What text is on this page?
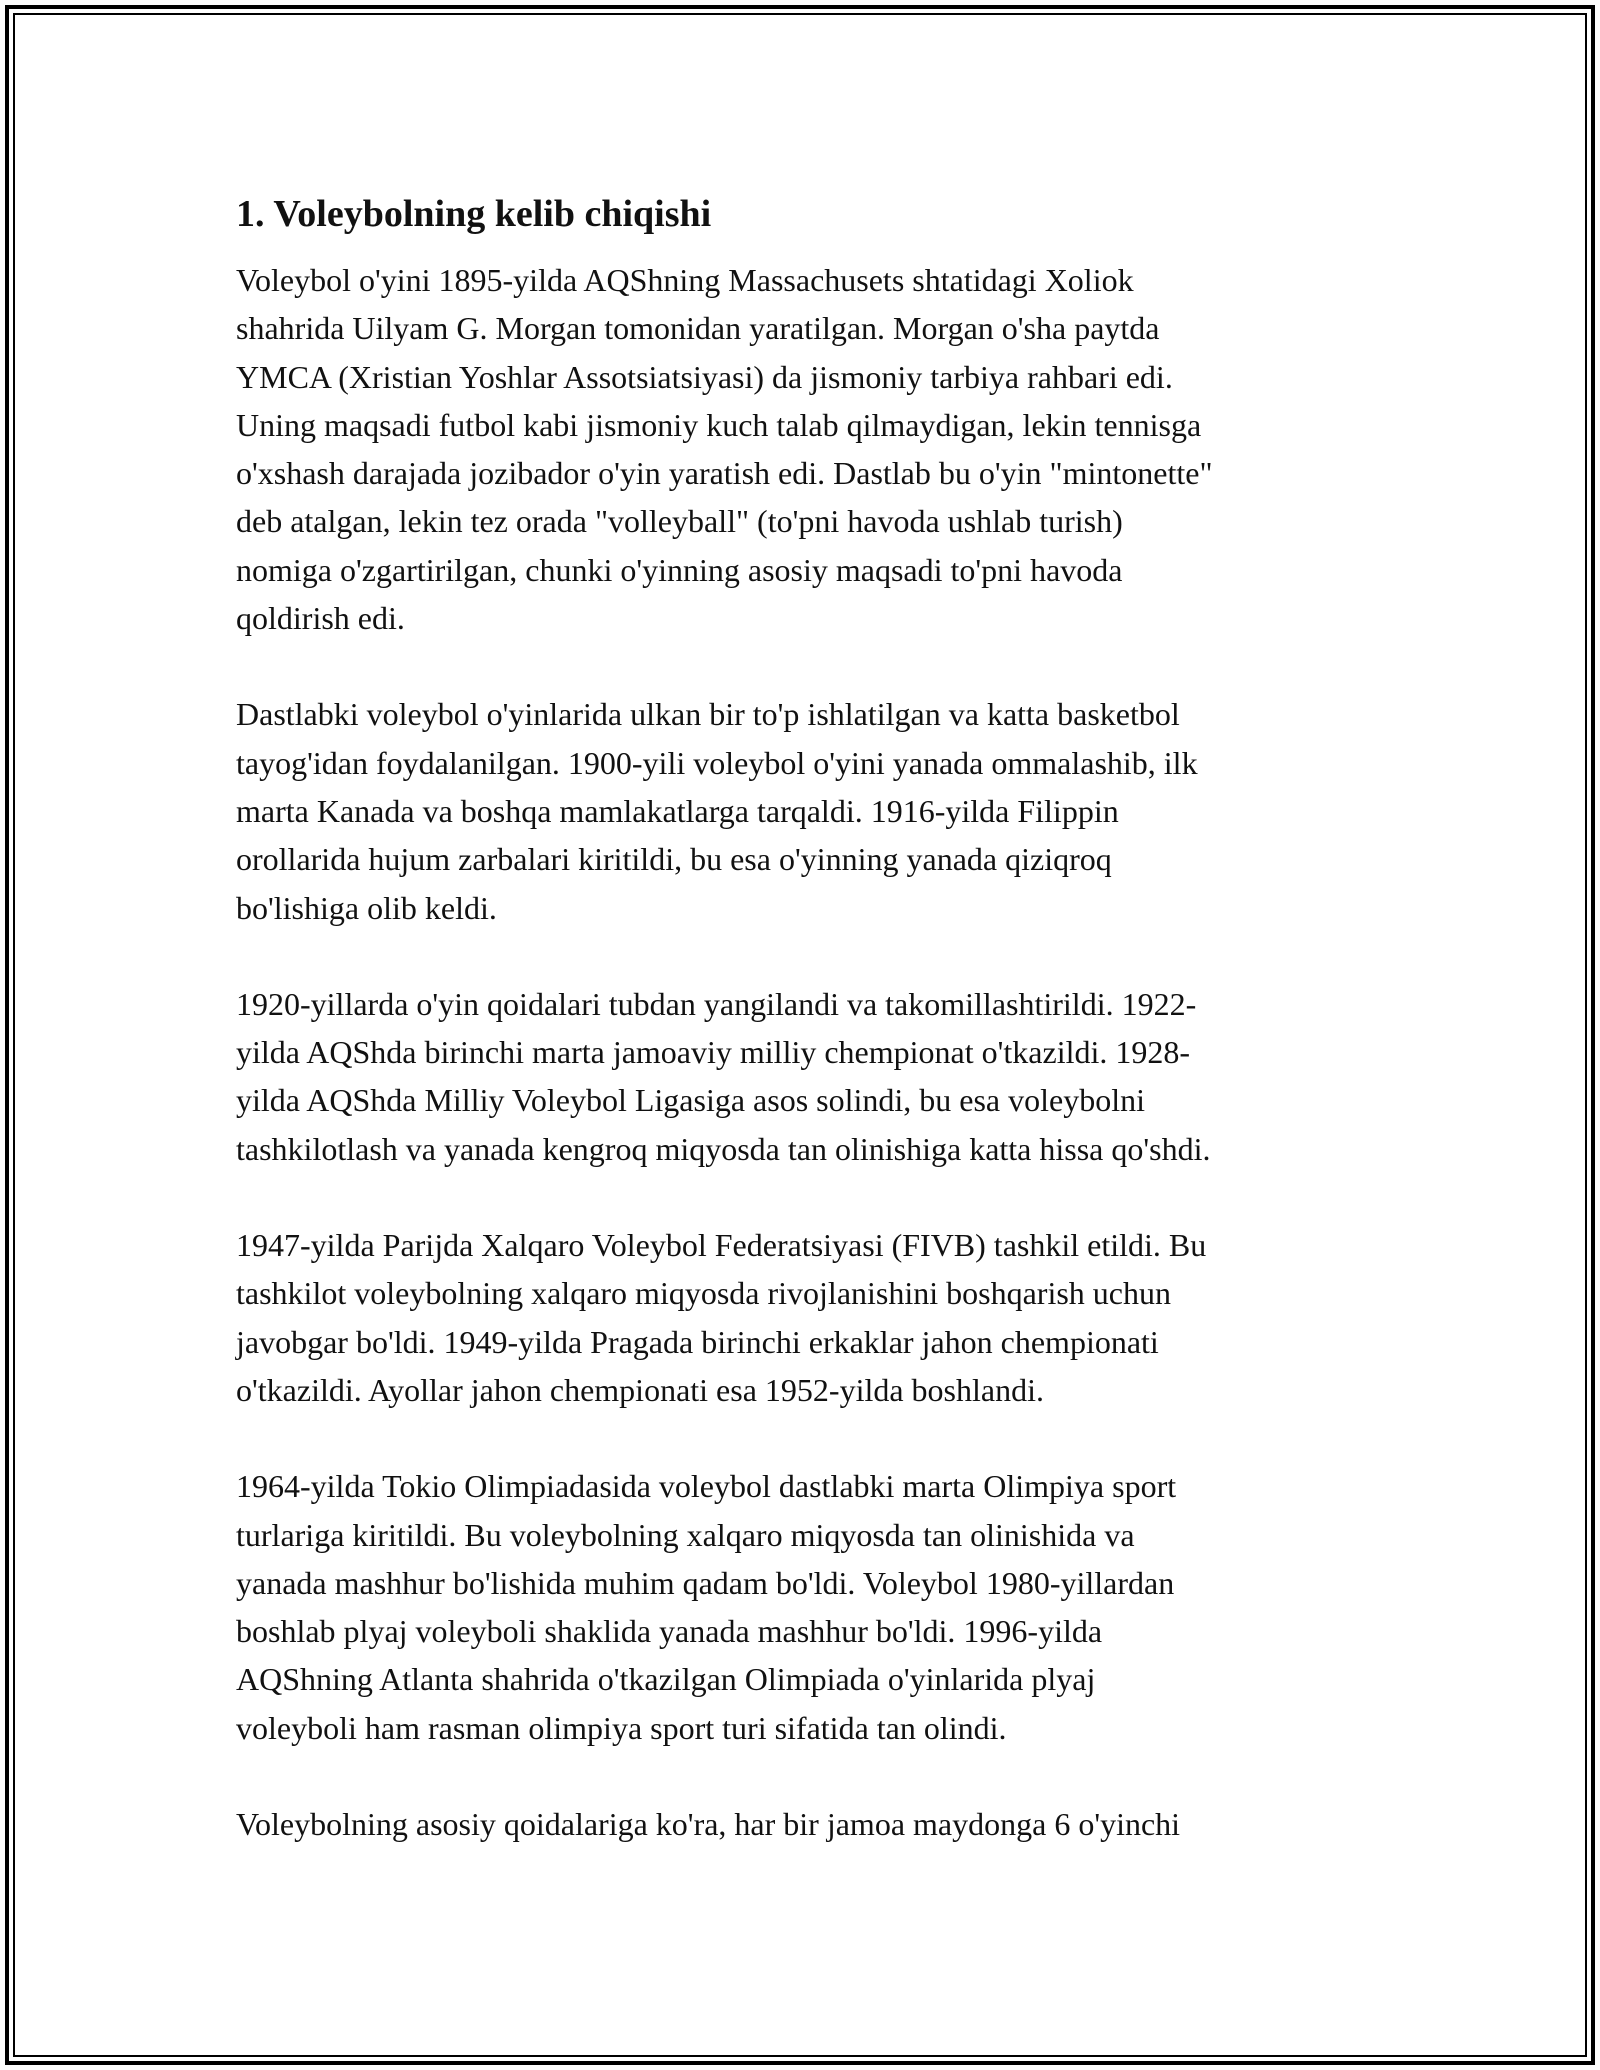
1. Voleybolning kelib chiqishi

Voleybol o'yini 1895-yilda AQShning Massachusets shtatidagi Xoliok
shahrida Uilyam G. Morgan tomonidan yaratilgan. Morgan o'sha paytda
YMCA (Xristian Yoshlar Assotsiatsiyasi) da jismoniy tarbiya rahbari edi.
Uning maqsadi futbol kabi jismoniy kuch talab qilmaydigan, lekin tennisga
o'xshash darajada jozibador o'yin yaratish edi. Dastlab bu o'yin "mintonette"
deb atalgan, lekin tez orada "volleyball" (to'pni havoda ushlab turish)
nomiga o'zgartirilgan, chunki o'yinning asosiy maqsadi to'pni havoda
qoldirish edi.

Dastlabki voleybol o'yinlarida ulkan bir to'p ishlatilgan va katta basketbol
tayog'idan foydalanilgan. 1900-yili voleybol o'yini yanada ommalashib, ilk
marta Kanada va boshqa mamlakatlarga tarqaldi. 1916-yilda Filippin
orollarida hujum zarbalari kiritildi, bu esa o'yinning yanada qiziqroq
bo'lishiga olib keldi.

1920-yillarda o'yin qoidalari tubdan yangilandi va takomillashtirildi. 1922-
yilda AQShda birinchi marta jamoaviy milliy chempionat o'tkazildi. 1928-
yilda AQShda Milliy Voleybol Ligasiga asos solindi, bu esa voleybolni
tashkilotlash va yanada kengroq miqyosda tan olinishiga katta hissa qo'shdi.

1947-yilda Parijda Xalqaro Voleybol Federatsiyasi (FIVB) tashkil etildi. Bu
tashkilot voleybolning xalqaro miqyosda rivojlanishini boshqarish uchun
javobgar bo'ldi. 1949-yilda Pragada birinchi erkaklar jahon chempionati
o'tkazildi. Ayollar jahon chempionati esa 1952-yilda boshlandi.

1964-yilda Tokio Olimpiadasida voleybol dastlabki marta Olimpiya sport
turlariga kiritildi. Bu voleybolning xalqaro miqyosda tan olinishida va
yanada mashhur bo'lishida muhim qadam bo'ldi. Voleybol 1980-yillardan
boshlab plyaj voleyboli shaklida yanada mashhur bo'ldi. 1996-yilda
AQShning Atlanta shahrida o'tkazilgan Olimpiada o'yinlarida plyaj
voleyboli ham rasman olimpiya sport turi sifatida tan olindi.

Voleybolning asosiy qoidalariga ko'ra, har bir jamoa maydonga 6 o'yinchi
